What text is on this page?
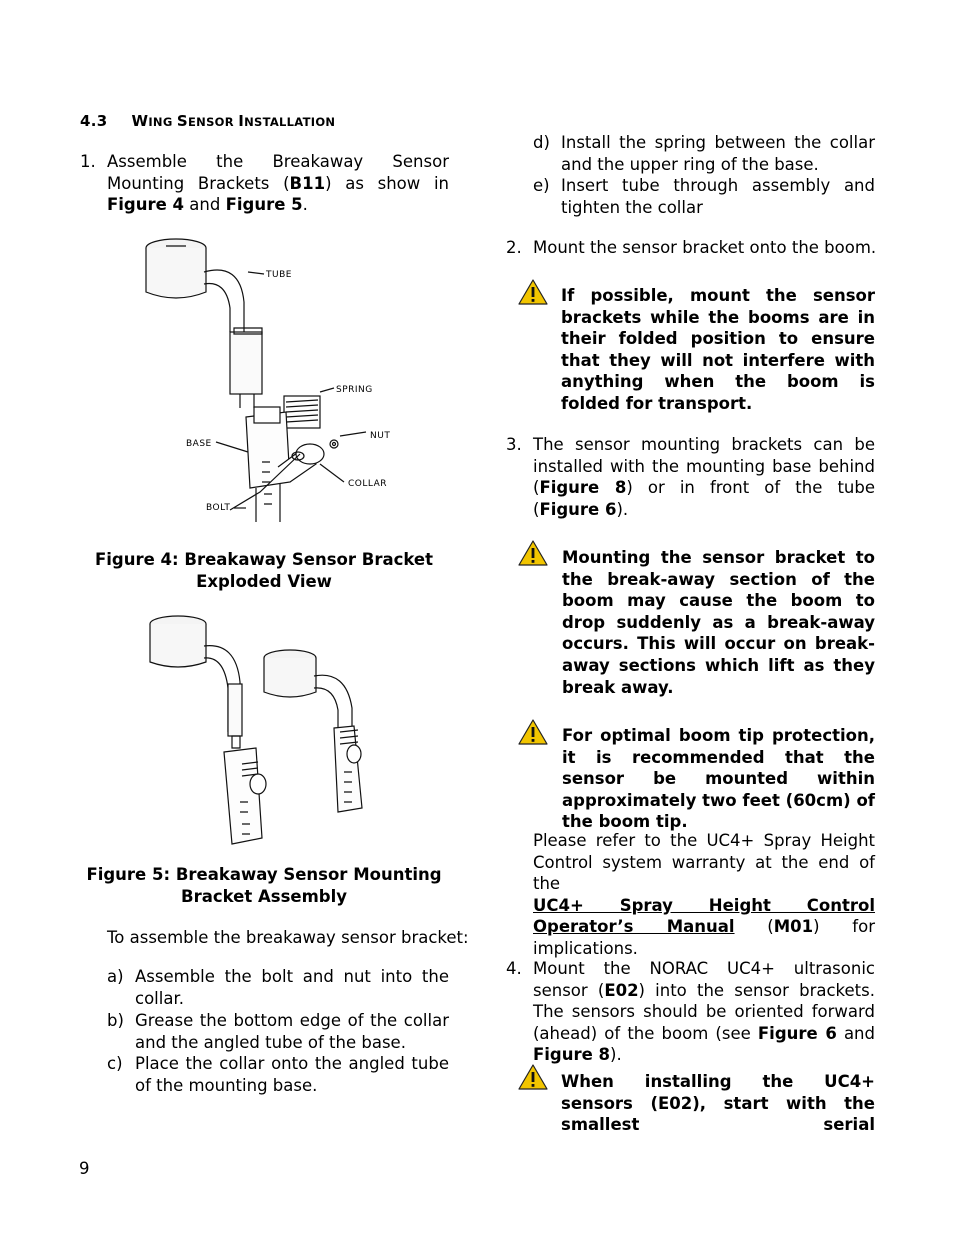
4.3 WING SENSOR INSTALLATION
1. Assemble the Breakaway Sensor Mounting Brackets (B11) as show in Figure 4 and Figure 5.
TUBE
SPRING
BASE
NUT
COLLAR
BOLT
Figure 4: Breakaway Sensor Bracket
Exploded View
Figure 5: Breakaway Sensor Mounting
Bracket Assembly
To assemble the breakaway sensor bracket:
a) Assemble the bolt and nut into the collar.
b) Grease the bottom edge of the collar and the angled tube of the base.
c) Place the collar onto the angled tube of the mounting base.
d) Install the spring between the collar and the upper ring of the base.
e) Insert tube through assembly and tighten the collar
2. Mount the sensor bracket onto the boom.
If possible, mount the sensor brackets while the booms are in their folded position to ensure that they will not interfere with anything when the boom is folded for transport.
3. The sensor mounting brackets can be installed with the mounting base behind (Figure 8) or in front of the tube (Figure 6).
Mounting the sensor bracket to the break-away section of the boom may cause the boom to drop suddenly as a break-away occurs. This will occur on break-away sections which lift as they break away.
For optimal boom tip protection, it is recommended that the sensor be mounted within approximately two feet (60cm) of the boom tip.
Please refer to the UC4+ Spray Height Control system warranty at the end of the
UC4+ Spray Height Control
Operator’s Manual (M01) for
implications.
4. Mount the NORAC UC4+ ultrasonic sensor (E02) into the sensor brackets. The sensors should be oriented forward (ahead) of the boom (see Figure 6 and Figure 8).
When installing the UC4+ sensors (E02), start with the smallest serial
9
